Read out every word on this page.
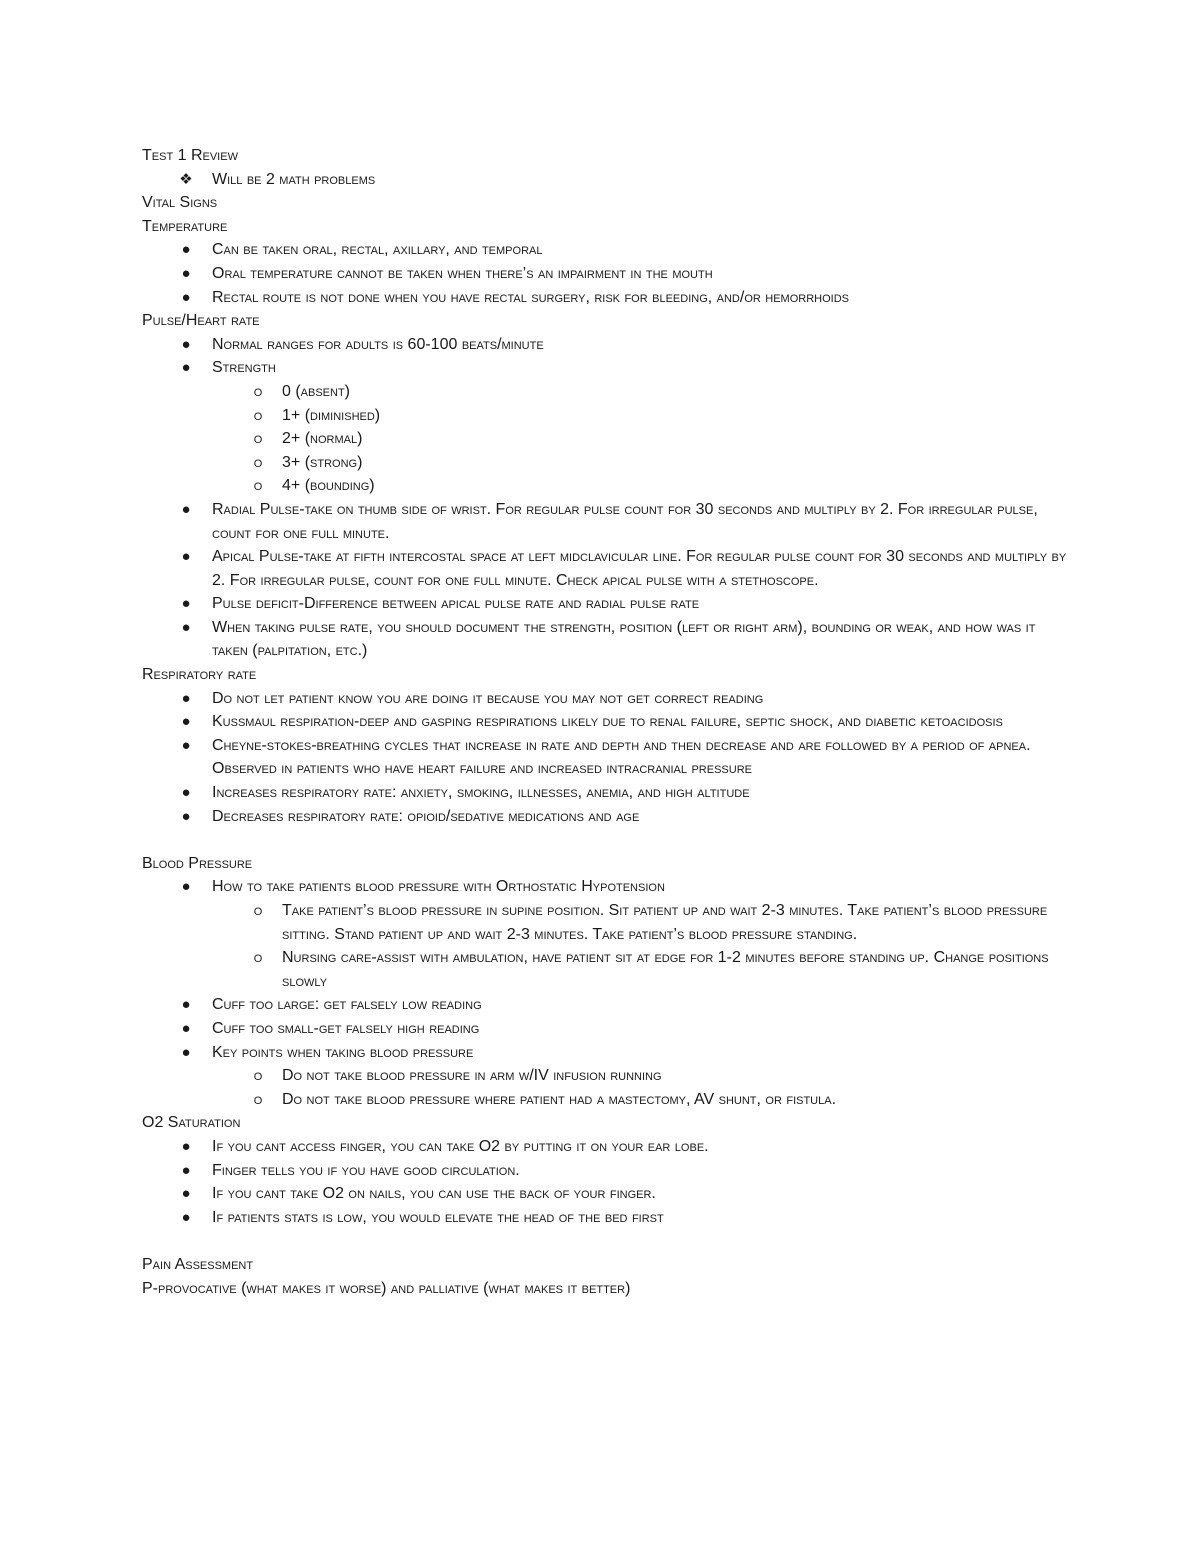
Test 1 Review
❖	Will be 2 math problems
Vital Signs
Temperature
●	Can be taken oral, rectal, axillary, and temporal
●	Oral temperature cannot be taken when there’s an impairment in the mouth
●	Rectal route is not done when you have rectal surgery, risk for bleeding, and/or hemorrhoids
Pulse/Heart rate
●	Normal ranges for adults is 60-100 beats/minute
●	Strength
o	0 (absent)
o	1+ (diminished)
o	2+ (normal)
o	3+ (strong)
o	4+ (bounding)
●	Radial Pulse-take on thumb side of wrist. For regular pulse count for 30 seconds and multiply by 2. For irregular pulse, count for one full minute.
●	Apical Pulse-take at fifth intercostal space at left midclavicular line. For regular pulse count for 30 seconds and multiply by 2. For irregular pulse, count for one full minute. Check apical pulse with a stethoscope.
●	Pulse deficit-Difference between apical pulse rate and radial pulse rate
●	When taking pulse rate, you should document the strength, position (left or right arm), bounding or weak, and how was it taken (palpitation, etc.)
Respiratory rate
●	Do not let patient know you are doing it because you may not get correct reading
●	Kussmaul respiration-deep and gasping respirations likely due to renal failure, septic shock, and diabetic ketoacidosis
●	Cheyne-stokes-breathing cycles that increase in rate and depth and then decrease and are followed by a period of apnea. Observed in patients who have heart failure and increased intracranial pressure
●	Increases respiratory rate: anxiety, smoking, illnesses, anemia, and high altitude
●	Decreases respiratory rate: opioid/sedative medications and age
Blood Pressure
●	How to take patients blood pressure with Orthostatic Hypotension
o	Take patient’s blood pressure in supine position. Sit patient up and wait 2-3 minutes. Take patient’s blood pressure sitting. Stand patient up and wait 2-3 minutes. Take patient’s blood pressure standing.
o	Nursing care-assist with ambulation, have patient sit at edge for 1-2 minutes before standing up. Change positions slowly
●	Cuff too large: get falsely low reading
●	Cuff too small-get falsely high reading
●	Key points when taking blood pressure
o	Do not take blood pressure in arm w/IV infusion running
o	Do not take blood pressure where patient had a mastectomy, AV shunt, or fistula.
O2 Saturation
●	If you cant access finger, you can take O2 by putting it on your ear lobe.
●	Finger tells you if you have good circulation.
●	If you cant take O2 on nails, you can use the back of your finger.
●	If patients stats is low, you would elevate the head of the bed first
Pain Assessment
P-provocative (what makes it worse) and palliative (what makes it better)
